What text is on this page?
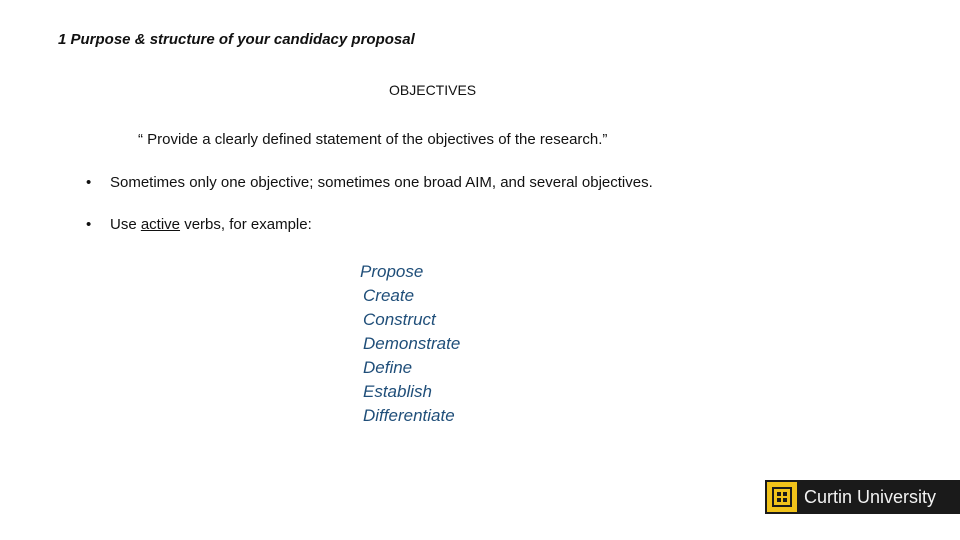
1 Purpose & structure of your candidacy proposal
OBJECTIVES
“ Provide a clearly defined statement of the objectives of the research.”
• Sometimes only one objective; sometimes one broad AIM, and several objectives.
• Use active verbs, for example:
Propose
Create
Construct
Demonstrate
Define
Establish
Differentiate
Curtin University
